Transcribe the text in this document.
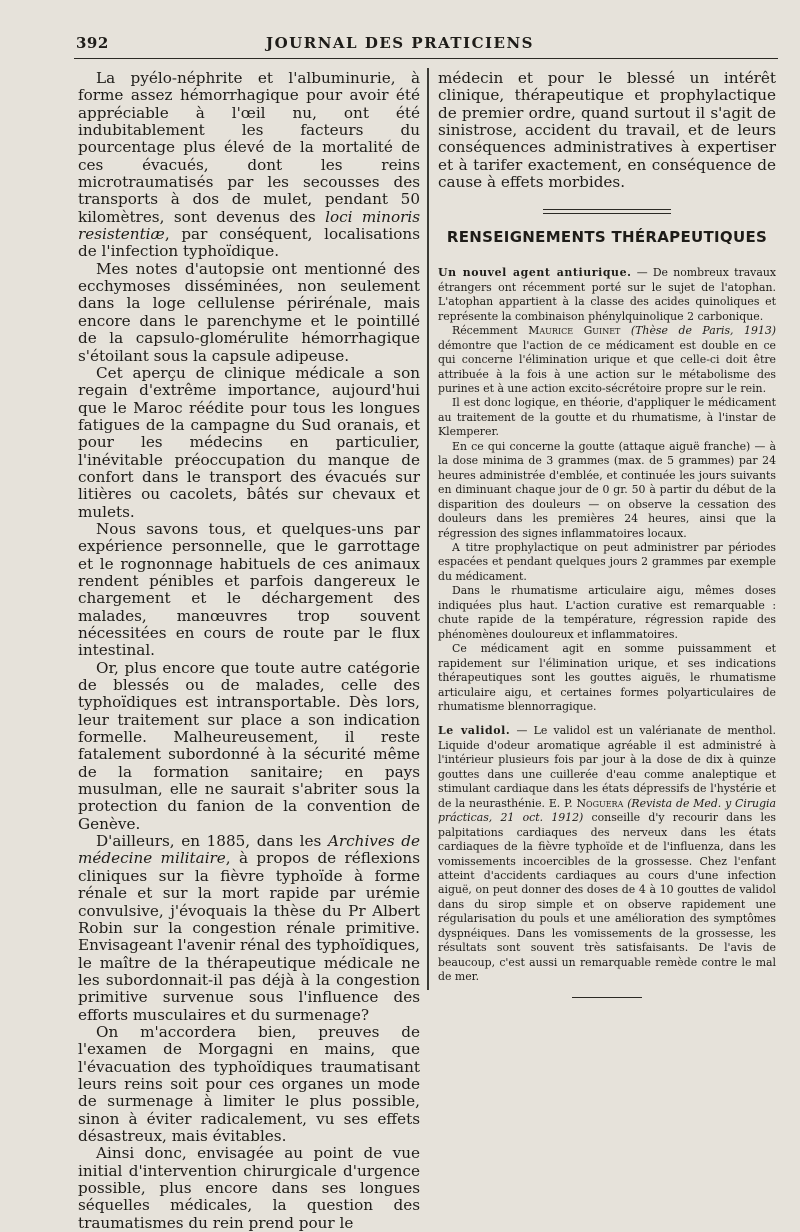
392	JOURNAL DES PRATICIENS

La pyélo-néphrite et l'albuminurie, à forme assez hémorrhagique pour avoir été appréciable à l'œil nu, ont été indubitablement les facteurs du pourcentage plus élevé de la mortalité de ces évacués, dont les reins microtraumatisés par les secousses des transports à dos de mulet, pendant 50 kilomètres, sont devenus des loci minoris resistentiæ, par conséquent, localisations de l'infection typhoïdique.

Mes notes d'autopsie ont mentionné des ecchymoses disséminées, non seulement dans la loge cellulense périrénale, mais encore dans le parenchyme et le pointillé de la capsulo-glomérulite hémorrhagique s'étoilant sous la capsule adipeuse.

Cet aperçu de clinique médicale a son regain d'extrême importance, aujourd'hui que le Maroc réédite pour tous les longues fatigues de la campagne du Sud oranais, et pour les médecins en particulier, l'inévitable préoccupation du manque de confort dans le transport des évacués sur litières ou cacolets, bâtés sur chevaux et mulets.

Nous savons tous, et quelques-uns par expérience personnelle, que le garrottage et le rognonnage habituels de ces animaux rendent pénibles et parfois dangereux le chargement et le déchargement des malades, manœuvres trop souvent nécessitées en cours de route par le flux intestinal.

Or, plus encore que toute autre catégorie de blessés ou de malades, celle des typhoïdiques est intransportable. Dès lors, leur traitement sur place a son indication formelle. Malheureusement, il reste fatalement subordonné à la sécurité même de la formation sanitaire; en pays musulman, elle ne saurait s'abriter sous la protection du fanion de la convention de Genève.

D'ailleurs, en 1885, dans les Archives de médecine militaire, à propos de réflexions cliniques sur la fièvre typhoïde à forme rénale et sur la mort rapide par urémie convulsive, j'évoquais la thèse du Pr Albert Robin sur la congestion rénale primitive. Envisageant l'avenir rénal des typhoïdiques, le maître de la thérapeutique médicale ne les subordonnait-il pas déjà à la congestion primitive survenue sous l'influence des efforts musculaires et du surmenage?

On m'accordera bien, preuves de l'examen de Morgagni en mains, que l'évacuation des typhoïdiques traumatisant leurs reins soit pour ces organes un mode de surmenage à limiter le plus possible, sinon à éviter radicalement, vu ses effets désastreux, mais évitables.

Ainsi donc, envisagée au point de vue initial d'intervention chirurgicale d'urgence possible, plus encore dans ses longues séquelles médicales, la question des traumatismes du rein prend pour le

médecin et pour le blessé un intérêt clinique, thérapeutique et prophylactique de premier ordre, quand surtout il s'agit de sinistrose, accident du travail, et de leurs conséquences administratives à expertiser et à tarifer exactement, en conséquence de cause à effets morbides.

RENSEIGNEMENTS THÉRAPEUTIQUES

Un nouvel agent antiurique. — De nombreux travaux étrangers ont récemment porté sur le sujet de l'atophan. L'atophan appartient à la classe des acides quinoliques et représente la combinaison phénylquinolique 2 carbonique.

Récemment Maurice Guinet (Thèse de Paris, 1913) démontre que l'action de ce médicament est double en ce qui concerne l'élimination urique et que celle-ci doit être attribuée à la fois à une action sur le métabolisme des purines et à une action excito-sécrétoire propre sur le rein.

Il est donc logique, en théorie, d'appliquer le médicament au traitement de la goutte et du rhumatisme, à l'instar de Klemperer.

En ce qui concerne la goutte (attaque aiguë franche) — à la dose minima de 3 grammes (max. de 5 grammes) par 24 heures administrée d'emblée, et continuée les jours suivants en diminuant chaque jour de 0 gr. 50 à partir du début de la disparition des douleurs — on observe la cessation des douleurs dans les premières 24 heures, ainsi que la régression des signes inflammatoires locaux.

A titre prophylactique on peut administrer par périodes espacées et pendant quelques jours 2 grammes par exemple du médicament.

Dans le rhumatisme articulaire aigu, mêmes doses indiquées plus haut. L'action curative est remarquable : chute rapide de la température, régression rapide des phénomènes douloureux et inflammatoires.

Ce médicament agit en somme puissamment et rapidement sur l'élimination urique, et ses indications thérapeutiques sont les gouttes aiguës, le rhumatisme articulaire aigu, et certaines formes polyarticulaires de rhumatisme blennorragique.

Le validol. — Le validol est un valérianate de menthol. Liquide d'odeur aromatique agréable il est administré à l'intérieur plusieurs fois par jour à la dose de dix à quinze gouttes dans une cuillerée d'eau comme analeptique et stimulant cardiaque dans les états dépressifs de l'hystérie et de la neurasthénie. E. P. Noguera (Revista de Med. y Cirugia prácticas, 21 oct. 1912) conseille d'y recourir dans les palpitations cardiaques des nerveux dans les états cardiaques de la fièvre typhoïde et de l'influenza, dans les vomissements incoercibles de la grossesse. Chez l'enfant atteint d'accidents cardiaques au cours d'une infection aiguë, on peut donner des doses de 4 à 10 gouttes de validol dans du sirop simple et on observe rapidement une régularisation du pouls et une amélioration des symptômes dyspnéiques. Dans les vomissements de la grossesse, les résultats sont souvent très satisfaisants. De l'avis de beaucoup, c'est aussi un remarquable remède contre le mal de mer.
